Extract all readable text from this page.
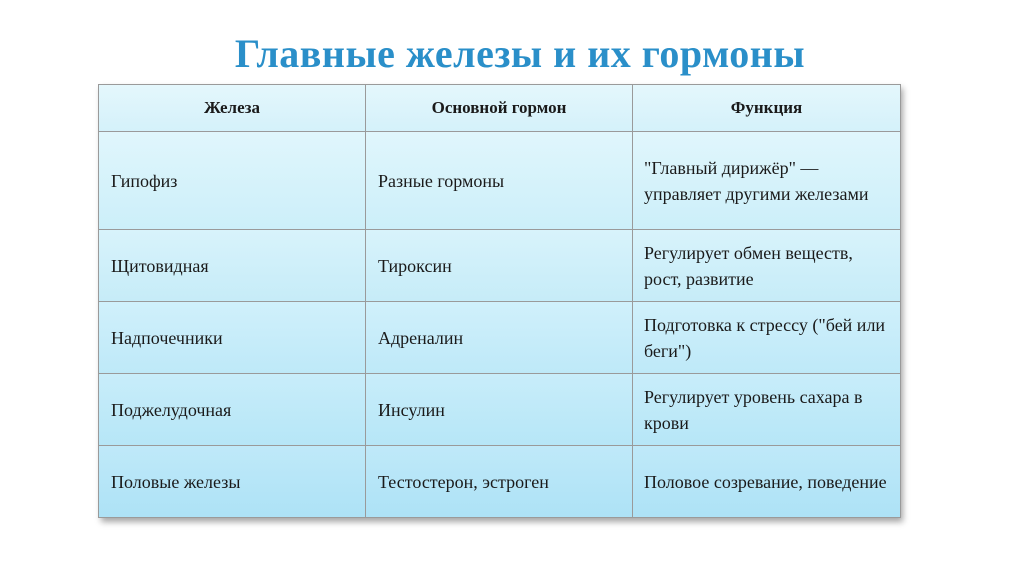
Главные железы и их гормоны
Железа	Основной гормон	Функция
Гипофиз	Разные гормоны	"Главный дирижёр" — управляет другими железами
Щитовидная	Тироксин	Регулирует обмен веществ, рост, развитие
Надпочечники	Адреналин	Подготовка к стрессу ("бей или беги")
Поджелудочная	Инсулин	Регулирует уровень сахара в крови
Половые железы	Тестостерон, эстроген	Половое созревание, поведение
